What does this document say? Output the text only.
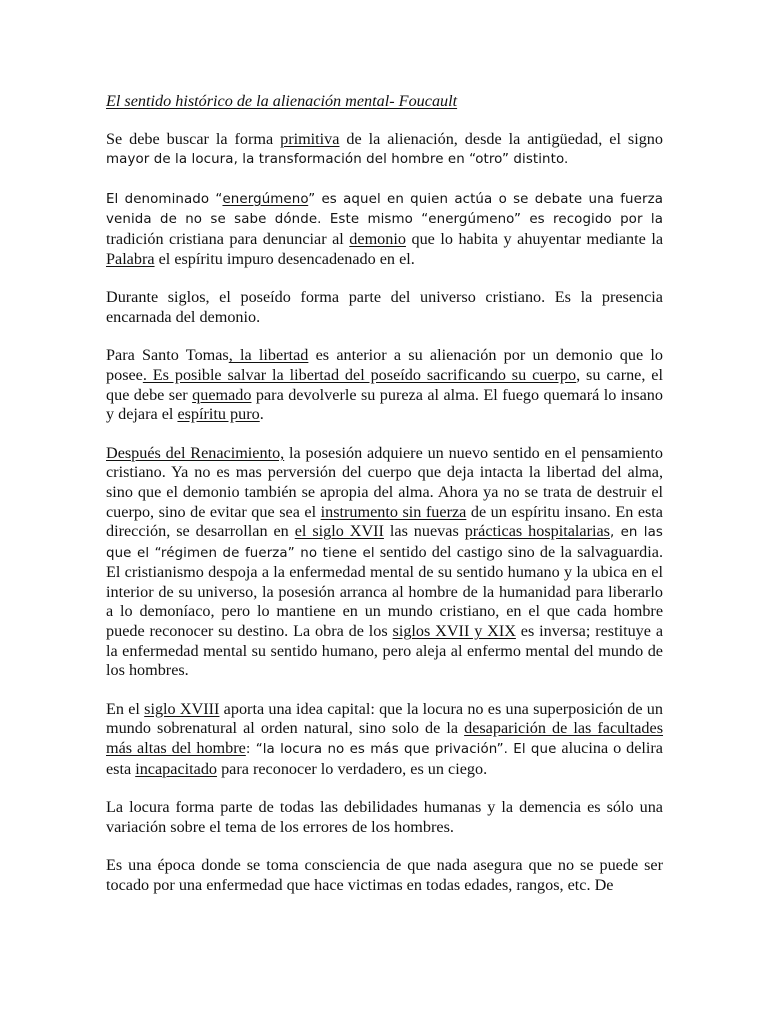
El sentido histórico de la alienación mental- Foucault

Se debe buscar la forma primitiva de la alienación, desde la antigüedad, el signo mayor de la locura, la transformación del hombre en “otro” distinto.

El denominado “energúmeno” es aquel en quien actúa o se debate una fuerza venida de no se sabe dónde. Este mismo “energúmeno” es recogido por la tradición cristiana para denunciar al demonio que lo habita y ahuyentar mediante la Palabra el espíritu impuro desencadenado en el.

Durante siglos, el poseído forma parte del universo cristiano. Es la presencia encarnada del demonio.

Para Santo Tomas, la libertad es anterior a su alienación por un demonio que lo posee. Es posible salvar la libertad del poseído sacrificando su cuerpo, su carne, el que debe ser quemado para devolverle su pureza al alma. El fuego quemará lo insano y dejara el espíritu puro.

Después del Renacimiento, la posesión adquiere un nuevo sentido en el pensamiento cristiano. Ya no es mas perversión del cuerpo que deja intacta la libertad del alma, sino que el demonio también se apropia del alma. Ahora ya no se trata de destruir el cuerpo, sino de evitar que sea el instrumento sin fuerza de un espíritu insano. En esta dirección, se desarrollan en el siglo XVII las nuevas prácticas hospitalarias, en las que el “régimen de fuerza” no tiene el sentido del castigo sino de la salvaguardia. El cristianismo despoja a la enfermedad mental de su sentido humano y la ubica en el interior de su universo, la posesión arranca al hombre de la humanidad para liberarlo a lo demoníaco, pero lo mantiene en un mundo cristiano, en el que cada hombre puede reconocer su destino. La obra de los siglos XVII y XIX es inversa; restituye a la enfermedad mental su sentido humano, pero aleja al enfermo mental del mundo de los hombres.

En el siglo XVIII aporta una idea capital: que la locura no es una superposición de un mundo sobrenatural al orden natural, sino solo de la desaparición de las facultades más altas del hombre: “la locura no es más que privación”. El que alucina o delira esta incapacitado para reconocer lo verdadero, es un ciego.

La locura forma parte de todas las debilidades humanas y la demencia es sólo una variación sobre el tema de los errores de los hombres.

Es una época donde se toma consciencia de que nada asegura que no se puede ser tocado por una enfermedad que hace victimas en todas edades, rangos, etc. De
